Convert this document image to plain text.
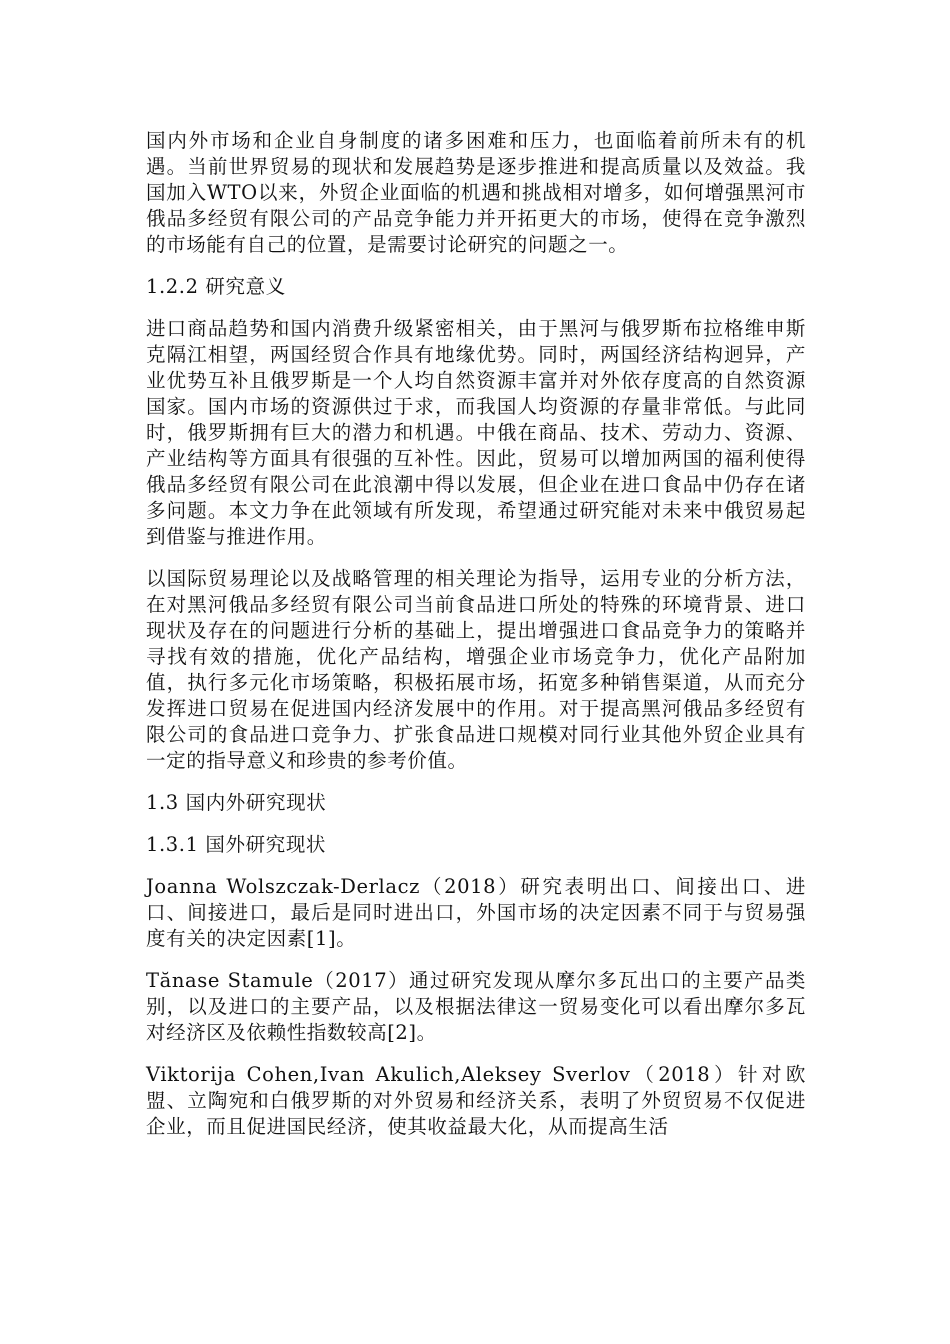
国内外市场和企业自身制度的诸多困难和压力，也面临着前所未有的机遇。当前世界贸易的现状和发展趋势是逐步推进和提高质量以及效益。我国加入WTO以来，外贸企业面临的机遇和挑战相对增多，如何增强黑河市俄品多经贸有限公司的产品竞争能力并开拓更大的市场，使得在竞争激烈的市场能有自己的位置，是需要讨论研究的问题之一。

1.2.2 研究意义

进口商品趋势和国内消费升级紧密相关，由于黑河与俄罗斯布拉格维申斯克隔江相望，两国经贸合作具有地缘优势。同时，两国经济结构迥异，产业优势互补且俄罗斯是一个人均自然资源丰富并对外依存度高的自然资源国家。国内市场的资源供过于求，而我国人均资源的存量非常低。与此同时，俄罗斯拥有巨大的潜力和机遇。中俄在商品、技术、劳动力、资源、产业结构等方面具有很强的互补性。因此，贸易可以增加两国的福利使得俄品多经贸有限公司在此浪潮中得以发展，但企业在进口食品中仍存在诸多问题。本文力争在此领域有所发现，希望通过研究能对未来中俄贸易起到借鉴与推进作用。

以国际贸易理论以及战略管理的相关理论为指导，运用专业的分析方法，在对黑河俄品多经贸有限公司当前食品进口所处的特殊的环境背景、进口现状及存在的问题进行分析的基础上，提出增强进口食品竞争力的策略并寻找有效的措施，优化产品结构，增强企业市场竞争力，优化产品附加值，执行多元化市场策略，积极拓展市场，拓宽多种销售渠道，从而充分发挥进口贸易在促进国内经济发展中的作用。对于提高黑河俄品多经贸有限公司的食品进口竞争力、扩张食品进口规模对同行业其他外贸企业具有一定的指导意义和珍贵的参考价值。

1.3 国内外研究现状

1.3.1 国外研究现状

Joanna Wolszczak-Derlacz（2018）研究表明出口、间接出口、进口、间接进口，最后是同时进出口，外国市场的决定因素不同于与贸易强度有关的决定因素[1]。

Tănase Stamule（2017）通过研究发现从摩尔多瓦出口的主要产品类别，以及进口的主要产品，以及根据法律这一贸易变化可以看出摩尔多瓦对经济区及依赖性指数较高[2]。

Viktorija Cohen,Ivan Akulich,Aleksey Sverlov（2018）针对欧盟、立陶宛和白俄罗斯的对外贸易和经济关系，表明了外贸贸易不仅促进企业，而且促进国民经济，使其收益最大化，从而提高生活
